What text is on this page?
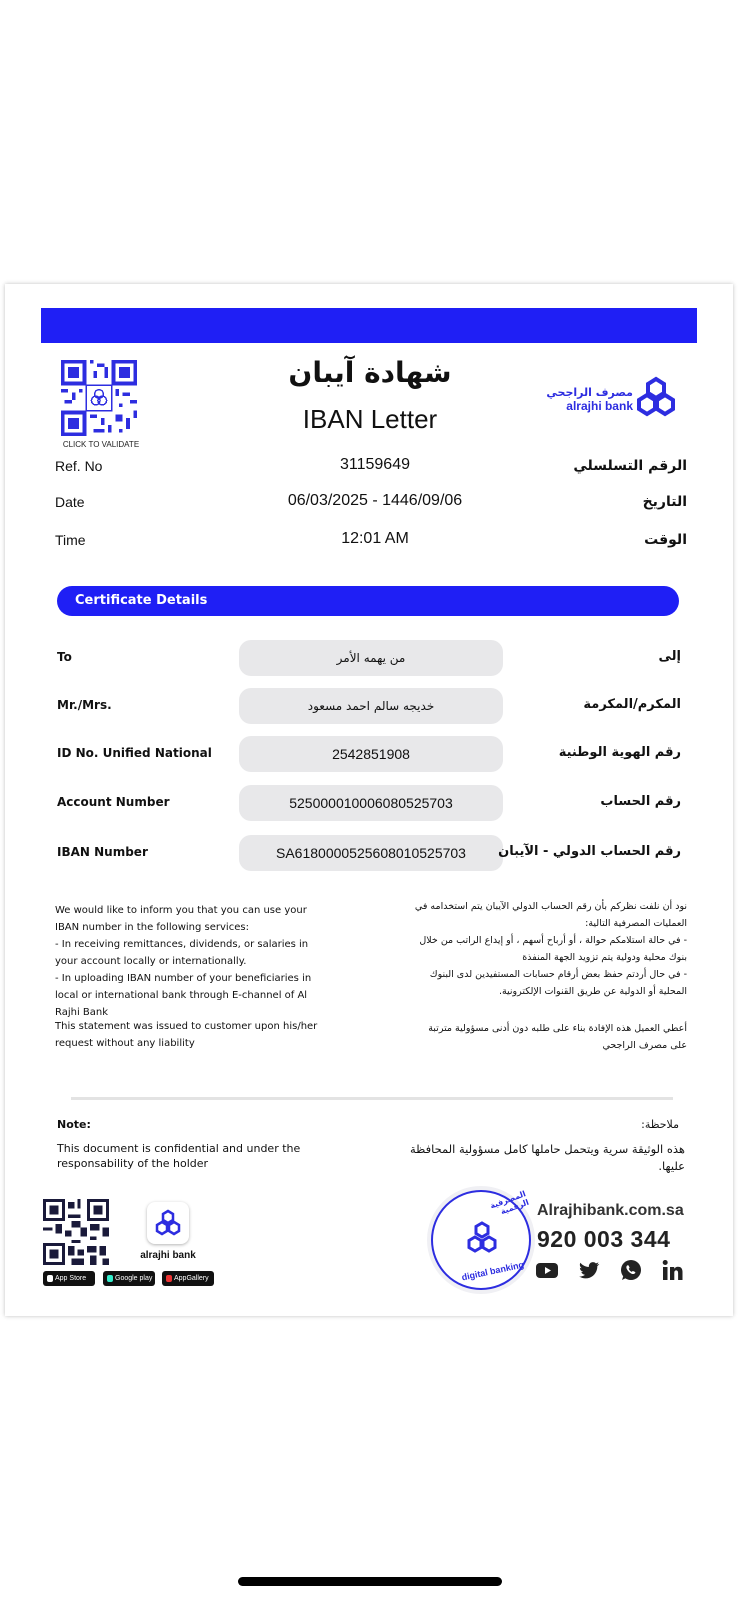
CLICK TO VALIDATE
شهادة آيبان
IBAN Letter
مصرف الراجحي
alrajhi bank
Ref. No	31159649	الرقم التسلسلي
Date	06/03/2025 - 1446/09/06	التاريخ
Time	12:01 AM	الوقت
Certificate Details
To	من يهمه الأمر	إلى
Mr./Mrs.	خديجه سالم احمد مسعود	المكرم/المكرمة
ID No. Unified National	2542851908	رقم الهوية الوطنية
Account Number	525000010006080525703	رقم الحساب
IBAN Number	SA6180000525608010525703	رقم الحساب الدولي - الآيبان

We would like to inform you that you can use your IBAN number in the following services:

- In receiving remittances, dividends, or salaries in your account locally or internationally.

- In uploading IBAN number of your beneficiaries in local or international bank through E-channel of Al Rajhi Bank

This statement was issued to customer upon his/her request without any liability

نود أن نلفت نظركم بأن رقم الحساب الدولي الآيبان يتم استخدامه في العمليات المصرفية التالية:

- في حالة استلامكم حوالة ، أو أرباح أسهم ، أو إيداع الراتب من خلال بنوك محلية ودولية يتم تزويد الجهة المنفذة

- في حال أردتم حفظ بعض أرقام حسابات المستفيدين لدى البنوك المحلية أو الدولية عن طريق القنوات الإلكترونية.

أعطي العميل هذه الإفادة بناء على طلبه دون أدنى مسؤولية مترتبة على مصرف الراجحي
Note:	ملاحظة:
This document is confidential and under the responsability of the holder
هذه الوثيقة سرية ويتحمل حاملها كامل مسؤولية المحافظة عليها.
alrajhi bank
App Store	Google play	AppGallery
المصرفية الرقمية
digital banking
Alrajhibank.com.sa
920 003 344
